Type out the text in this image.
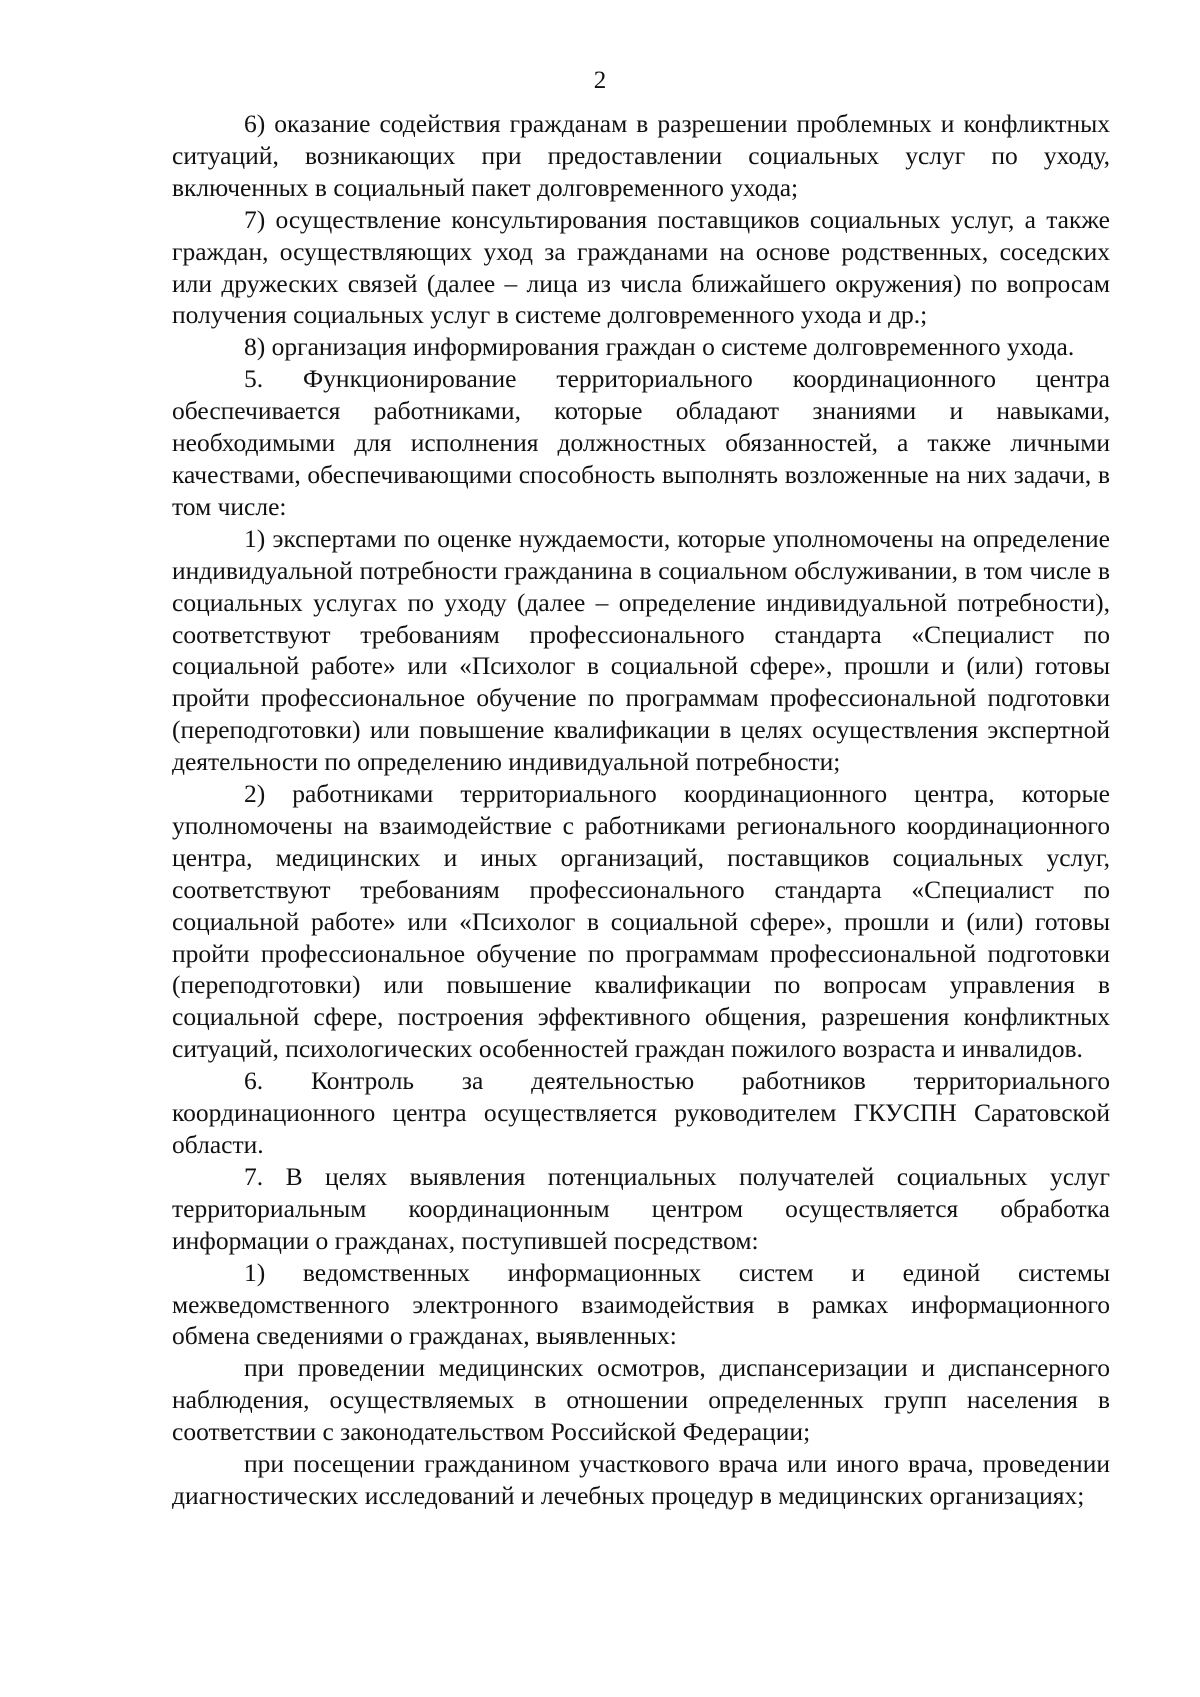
2

6) оказание содействия гражданам в разрешении проблемных и конфликтных ситуаций, возникающих при предоставлении социальных услуг по уходу, включенных в социальный пакет долговременного ухода;

7) осуществление консультирования поставщиков социальных услуг, а также граждан, осуществляющих уход за гражданами на основе родственных, соседских или дружеских связей (далее – лица из числа ближайшего окружения) по вопросам получения социальных услуг в системе долговременного ухода и др.;

8) организация информирования граждан о системе долговременного ухода.

5. Функционирование территориального координационного центра обеспечивается работниками, которые обладают знаниями и навыками, необходимыми для исполнения должностных обязанностей, а также личными качествами, обеспечивающими способность выполнять возложенные на них задачи, в том числе:

1) экспертами по оценке нуждаемости, которые уполномочены на определение индивидуальной потребности гражданина в социальном обслуживании, в том числе в социальных услугах по уходу (далее – определение индивидуальной потребности), соответствуют требованиям профессионального стандарта «Специалист по социальной работе» или «Психолог в социальной сфере», прошли и (или) готовы пройти профессиональное обучение по программам профессиональной подготовки (переподготовки) или повышение квалификации в целях осуществления экспертной деятельности по определению индивидуальной потребности;

2) работниками территориального координационного центра, которые уполномочены на взаимодействие с работниками регионального координационного центра, медицинских и иных организаций, поставщиков социальных услуг, соответствуют требованиям профессионального стандарта «Специалист по социальной работе» или «Психолог в социальной сфере», прошли и (или) готовы пройти профессиональное обучение по программам профессиональной подготовки (переподготовки) или повышение квалификации по вопросам управления в социальной сфере, построения эффективного общения, разрешения конфликтных ситуаций, психологических особенностей граждан пожилого возраста и инвалидов.

6. Контроль за деятельностью работников территориального координационного центра осуществляется руководителем ГКУСПН Саратовской области.

7. В целях выявления потенциальных получателей социальных услуг территориальным координационным центром осуществляется обработка информации о гражданах, поступившей посредством:

1) ведомственных информационных систем и единой системы межведомственного электронного взаимодействия в рамках информационного обмена сведениями о гражданах, выявленных:

при проведении медицинских осмотров, диспансеризации и диспансерного наблюдения, осуществляемых в отношении определенных групп населения в соответствии с законодательством Российской Федерации;

при посещении гражданином участкового врача или иного врача, проведении диагностических исследований и лечебных процедур в медицинских организациях;
